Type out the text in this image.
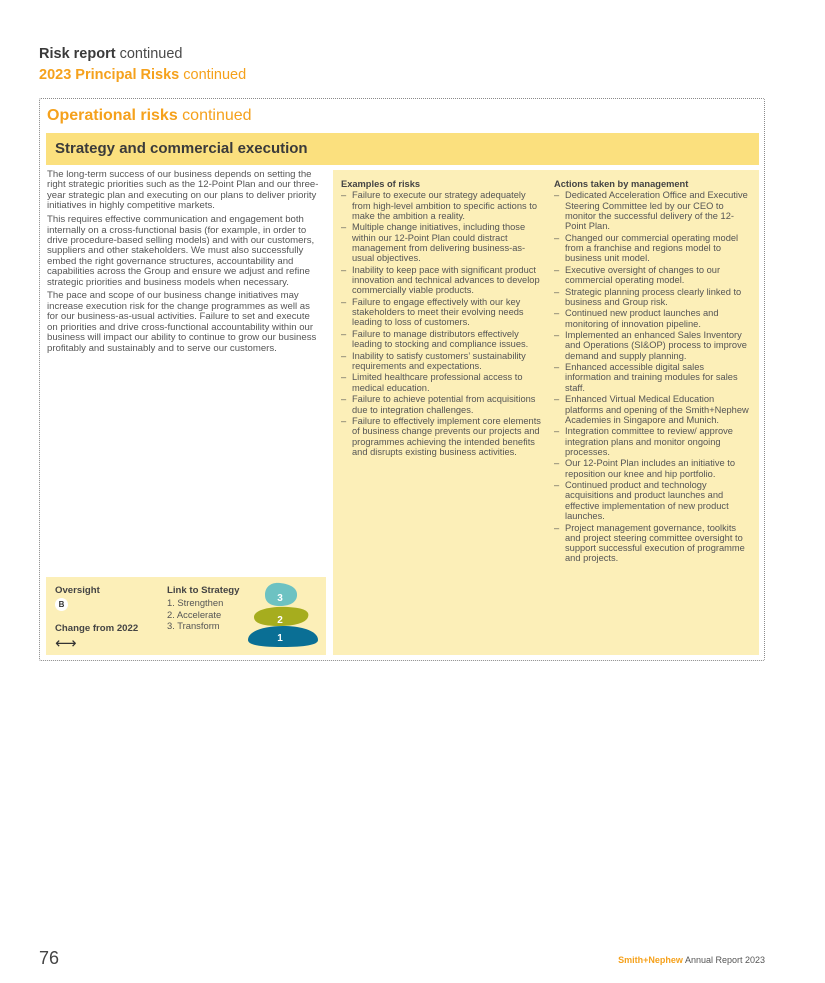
Risk report continued
2023 Principal Risks continued
Operational risks continued
Strategy and commercial execution

The long-term success of our business depends on setting the right strategic priorities such as the 12-Point Plan and our three-year strategic plan and executing on our plans to deliver priority initiatives in highly competitive markets.

This requires effective communication and engagement both internally on a cross-functional basis (for example, in order to drive procedure-based selling models) and with our customers, suppliers and other stakeholders. We must also successfully embed the right governance structures, accountability and capabilities across the Group and ensure we adjust and refine strategic priorities and business models when necessary.

The pace and scope of our business change initiatives may increase execution risk for the change programmes as well as for our business-as-usual activities. Failure to set and execute on priorities and drive cross-functional accountability within our business will impact our ability to continue to grow our business profitably and sustainably and to serve our customers.

Oversight
B
Change from 2022
⟷
Link to Strategy
1. Strengthen
2. Accelerate
3. Transform
3
2
1
Examples of risks
– Failure to execute our strategy adequately from high-level ambition to specific actions to make the ambition a reality.
– Multiple change initiatives, including those within our 12-Point Plan could distract management from delivering business-as-usual objectives.
– Inability to keep pace with significant product innovation and technical advances to develop commercially viable products.
– Failure to engage effectively with our key stakeholders to meet their evolving needs leading to loss of customers.
– Failure to manage distributors effectively leading to stocking and compliance issues.
– Inability to satisfy customers’ sustainability requirements and expectations.
– Limited healthcare professional access to medical education.
– Failure to achieve potential from acquisitions due to integration challenges.
– Failure to effectively implement core elements of business change prevents our projects and programmes achieving the intended benefits and disrupts existing business activities.
Actions taken by management
– Dedicated Acceleration Office and Executive Steering Committee led by our CEO to monitor the successful delivery of the 12-Point Plan.
– Changed our commercial operating model from a franchise and regions model to business unit model.
– Executive oversight of changes to our commercial operating model.
– Strategic planning process clearly linked to business and Group risk.
– Continued new product launches and monitoring of innovation pipeline.
– Implemented an enhanced Sales Inventory and Operations (SI&OP) process to improve demand and supply planning.
– Enhanced accessible digital sales information and training modules for sales staff.
– Enhanced Virtual Medical Education platforms and opening of the Smith+Nephew Academies in Singapore and Munich.
– Integration committee to review/ approve integration plans and monitor ongoing processes.
– Our 12-Point Plan includes an initiative to reposition our knee and hip portfolio.
– Continued product and technology acquisitions and product launches and effective implementation of new product launches.
– Project management governance, toolkits and project steering committee oversight to support successful execution of programme and projects.
76	Smith+Nephew Annual Report 2023
